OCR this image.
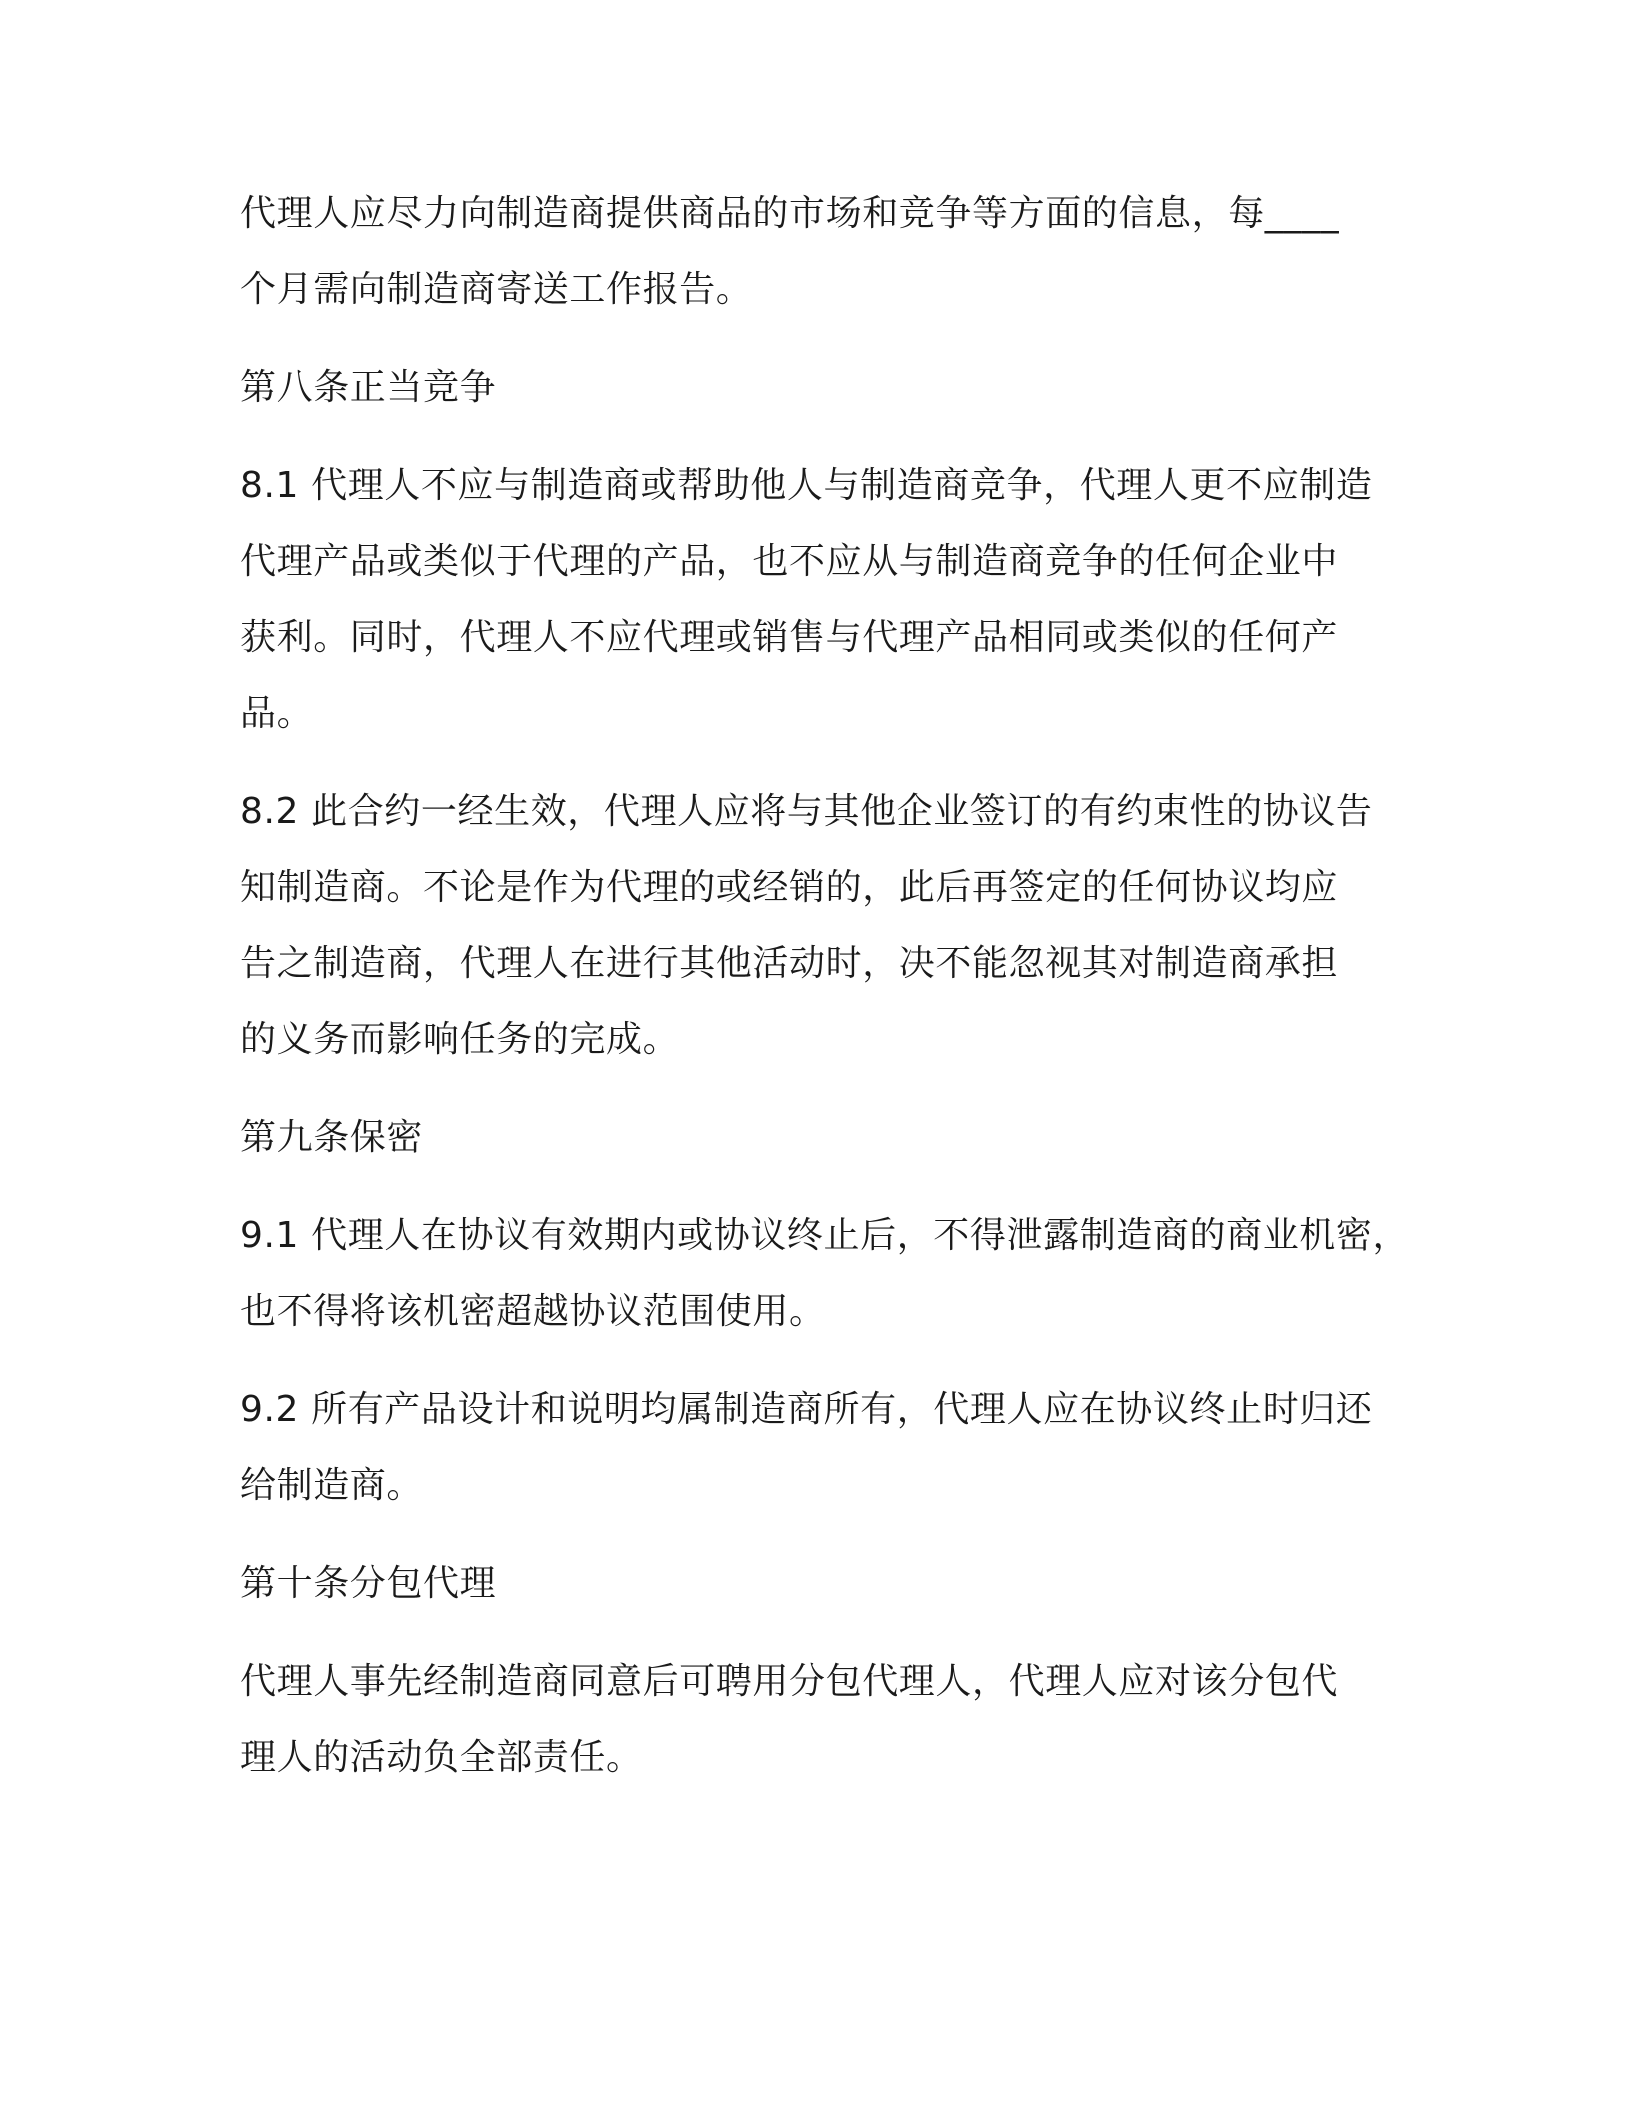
代理人应尽力向制造商提供商品的市场和竞争等方面的信息，每____
个月需向制造商寄送工作报告。
第八条正当竞争
8.1 代理人不应与制造商或帮助他人与制造商竞争，代理人更不应制造
代理产品或类似于代理的产品，也不应从与制造商竞争的任何企业中
获利。同时，代理人不应代理或销售与代理产品相同或类似的任何产
品。
8.2 此合约一经生效，代理人应将与其他企业签订的有约束性的协议告
知制造商。不论是作为代理的或经销的，此后再签定的任何协议均应
告之制造商，代理人在进行其他活动时，决不能忽视其对制造商承担
的义务而影响任务的完成。
第九条保密
9.1 代理人在协议有效期内或协议终止后，不得泄露制造商的商业机密，
也不得将该机密超越协议范围使用。
9.2 所有产品设计和说明均属制造商所有，代理人应在协议终止时归还
给制造商。
第十条分包代理
代理人事先经制造商同意后可聘用分包代理人，代理人应对该分包代
理人的活动负全部责任。
